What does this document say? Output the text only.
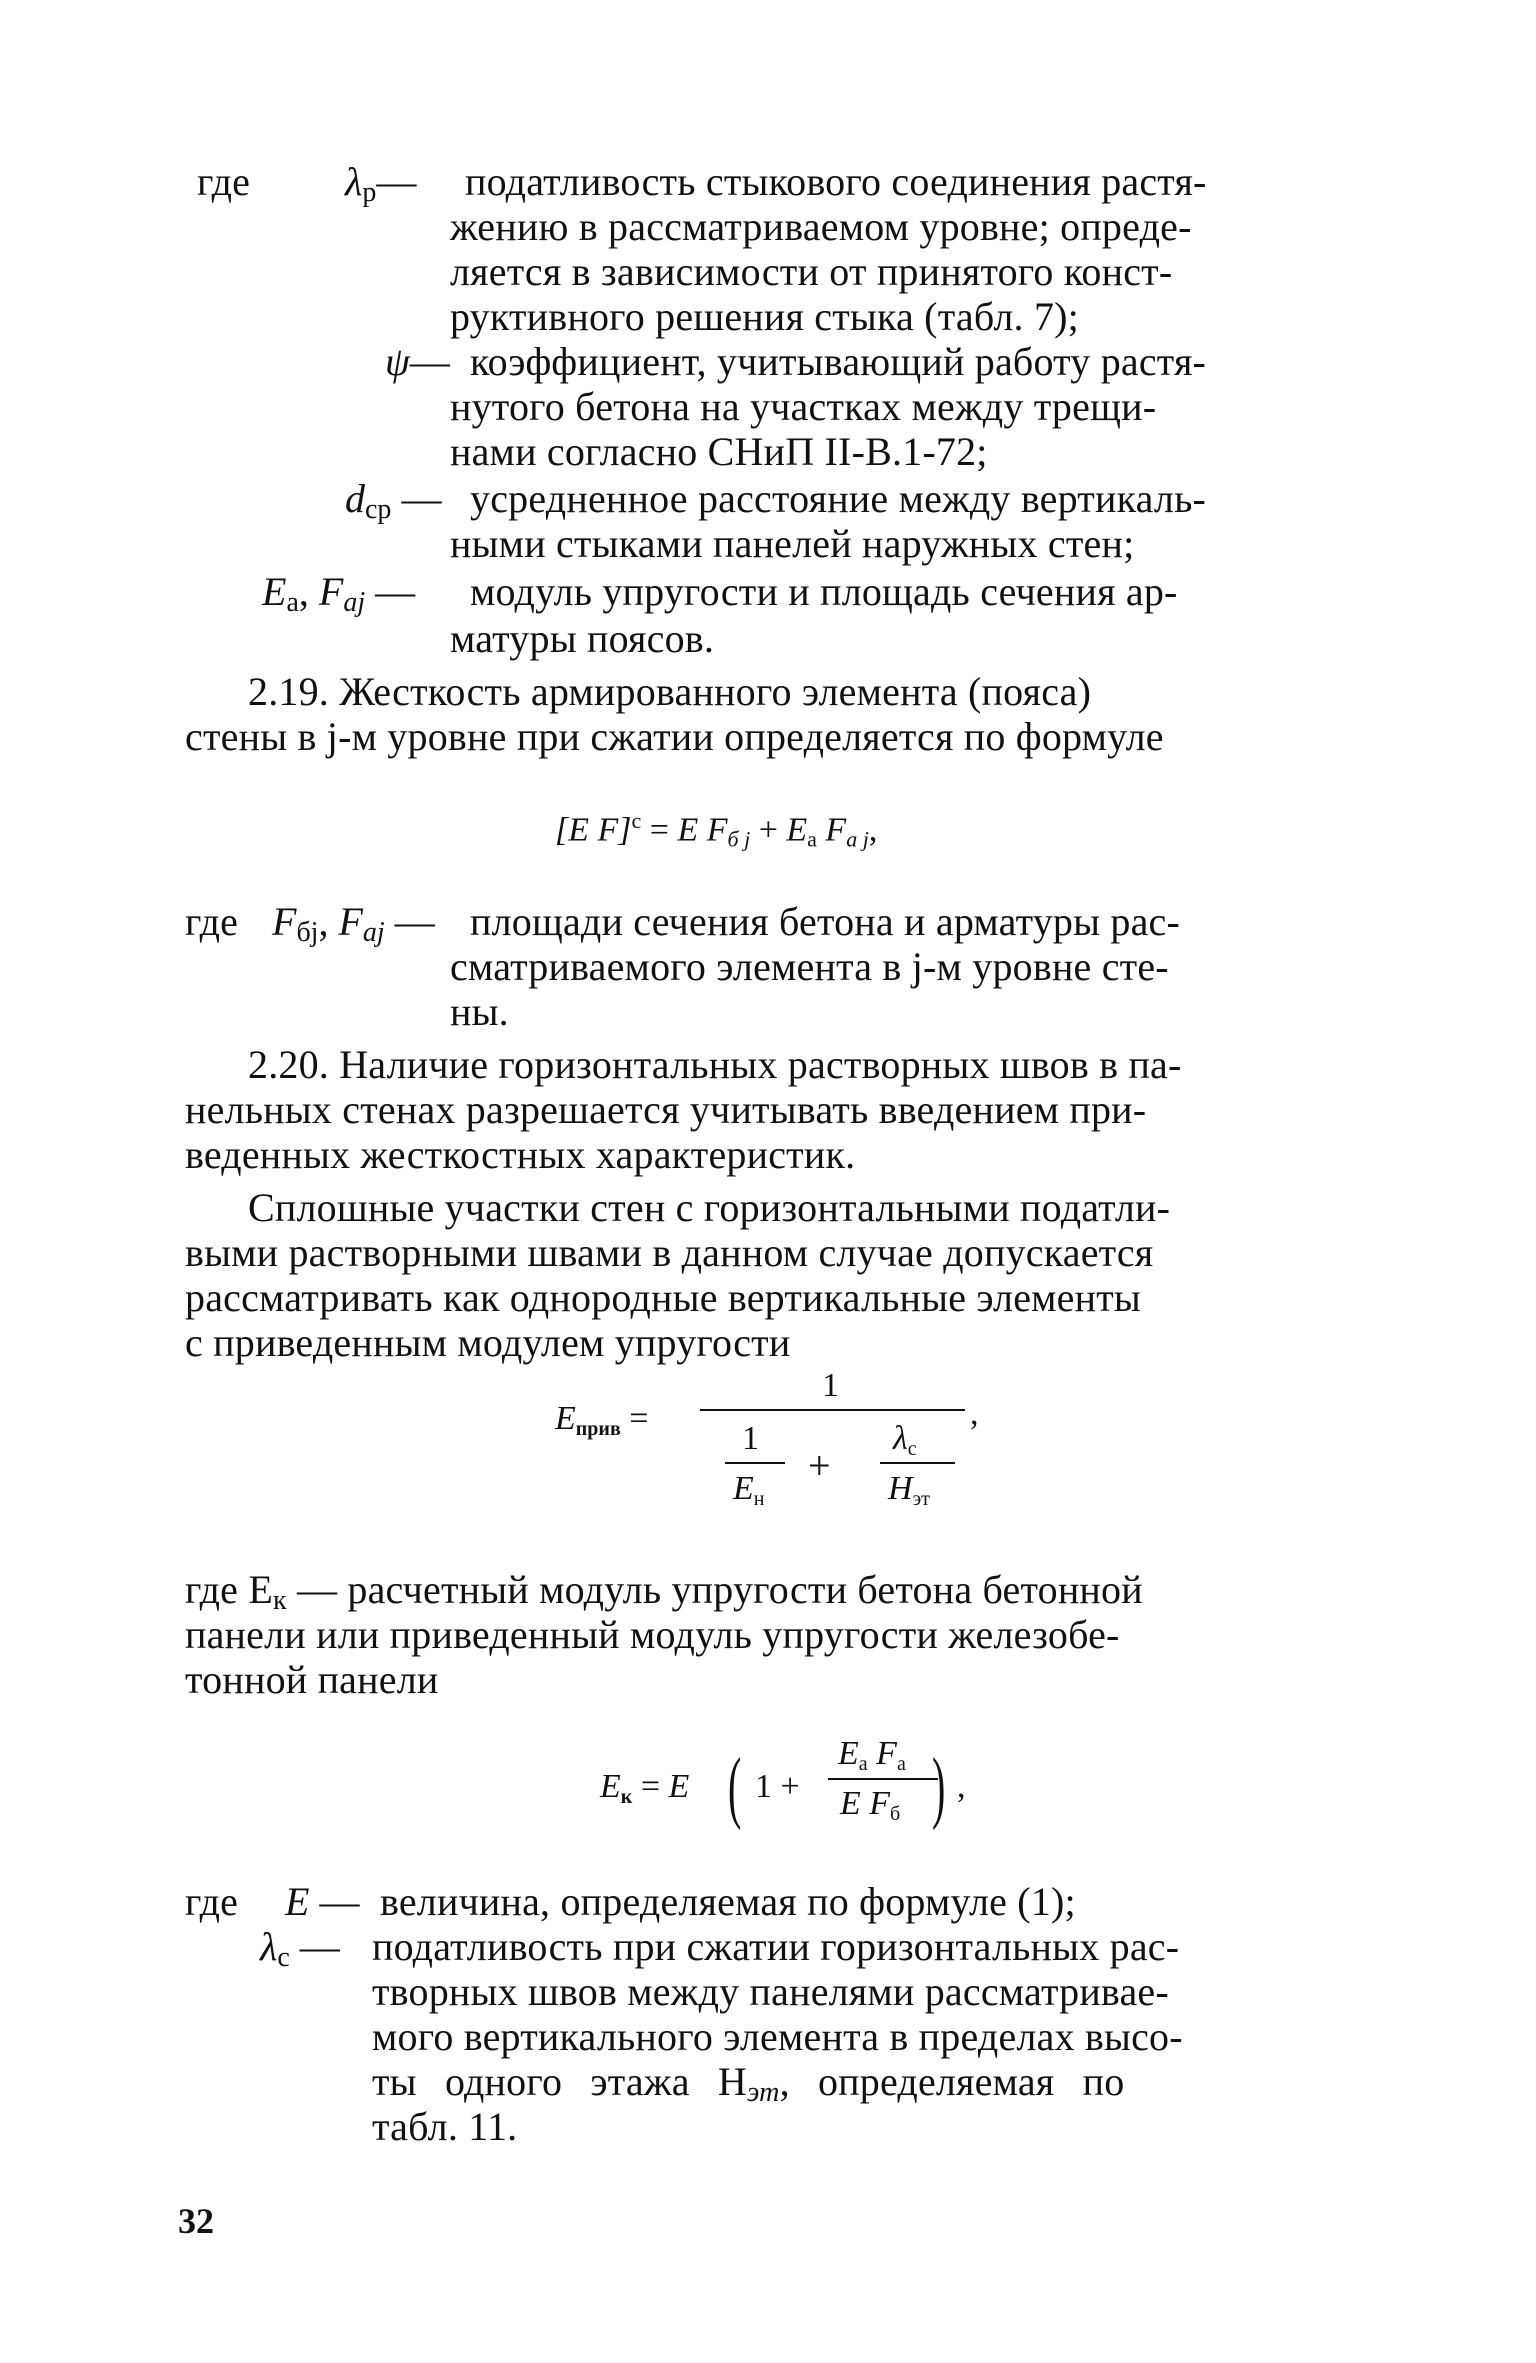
где $\lambda_р—$ податливость стыкового соединения растя-
жению в рассматриваемом уровне; опреде-
ляется в зависимости от принятого конст-
руктивного решения стыка (табл. 7);
ψ— коэффициент, учитывающий работу растя-
нутого бетона на участках между трещи-
нами согласно СНиП II-В.1-72;
$d_{ср}$ — усредненное расстояние между вертикаль-
ными стыками панелей наружных стен;
$E_а$, Faj — модуль упругости и площадь сечения ар-
матуры поясов.
2.19. Жесткость армированного элемента (пояса)
стены в j-м уровне при сжатии определяется по формуле
[E F]$^с$ = E Fб $j + E_а$ Fа j,
где $F_{бj}$, Faj — площади сечения бетона и арматуры рас-
сматриваемого элемента в j-м уровне сте-
ны.
2.20. Наличие горизонтальных растворных швов в па-
нельных стенах разрешается учитывать введением при-
веденных жесткостных характеристик.
Сплошные участки стен с горизонтальными податли-
выми растворными швами в данном случае допускается
рассматривать как однородные вертикальные элементы
с приведенным модулем упругости
$E_{прив}$ =
1
1
$E_н$
+
$\lambda_с$
$H_{эт}$
,
где $E_к$ — расчетный модуль упругости бетона бетонной
панели или приведенный модуль упругости железобе-
тонной панели
$E_к = E$ ( 1 +
$E_а$ $F_а$
E $F_б$ ) ,
где E — величина, определяемая по формуле (1);
$\lambda_с$ — податливость при сжатии горизонтальных рас-
творных швов между панелями рассматривае-
мого вертикального элемента в пределах высо-
ты одного этажа Hэт, определяемая по
табл. 11.
32
